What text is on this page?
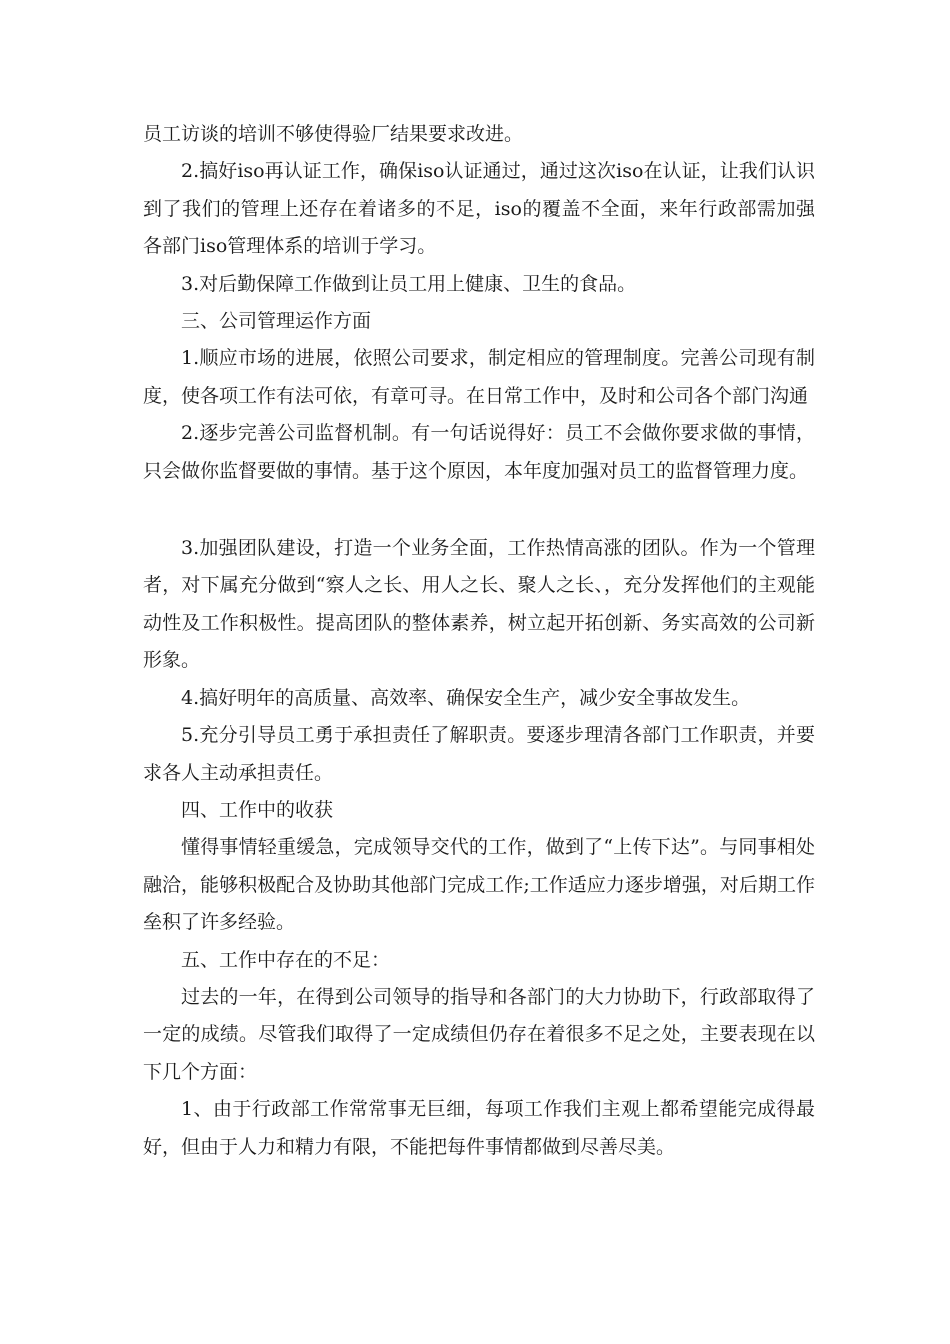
员工访谈的培训不够使得验厂结果要求改进。

2.搞好iso再认证工作，确保iso认证通过，通过这次iso在认证，让我们认识到了我们的管理上还存在着诸多的不足，iso的覆盖不全面，来年行政部需加强各部门iso管理体系的培训于学习。

3.对后勤保障工作做到让员工用上健康、卫生的食品。

三、公司管理运作方面

1.顺应市场的进展，依照公司要求，制定相应的管理制度。完善公司现有制度，使各项工作有法可依，有章可寻。在日常工作中，及时和公司各个部门沟通

2.逐步完善公司监督机制。有一句话说得好：员工不会做你要求做的事情，只会做你监督要做的事情。基于这个原因，本年度加强对员工的监督管理力度。

3.加强团队建设，打造一个业务全面，工作热情高涨的团队。作为一个管理者，对下属充分做到“察人之长、用人之长、聚人之长、，充分发挥他们的主观能动性及工作积极性。提高团队的整体素养，树立起开拓创新、务实高效的公司新形象。

4.搞好明年的高质量、高效率、确保安全生产，减少安全事故发生。

5.充分引导员工勇于承担责任了解职责。要逐步理清各部门工作职责，并要求各人主动承担责任。

四、工作中的收获

懂得事情轻重缓急，完成领导交代的工作，做到了“上传下达”。与同事相处融洽，能够积极配合及协助其他部门完成工作;工作适应力逐步增强，对后期工作垒积了许多经验。

五、工作中存在的不足：

过去的一年，在得到公司领导的指导和各部门的大力协助下，行政部取得了一定的成绩。尽管我们取得了一定成绩但仍存在着很多不足之处，主要表现在以下几个方面：

1、由于行政部工作常常事无巨细，每项工作我们主观上都希望能完成得最好，但由于人力和精力有限，不能把每件事情都做到尽善尽美。
